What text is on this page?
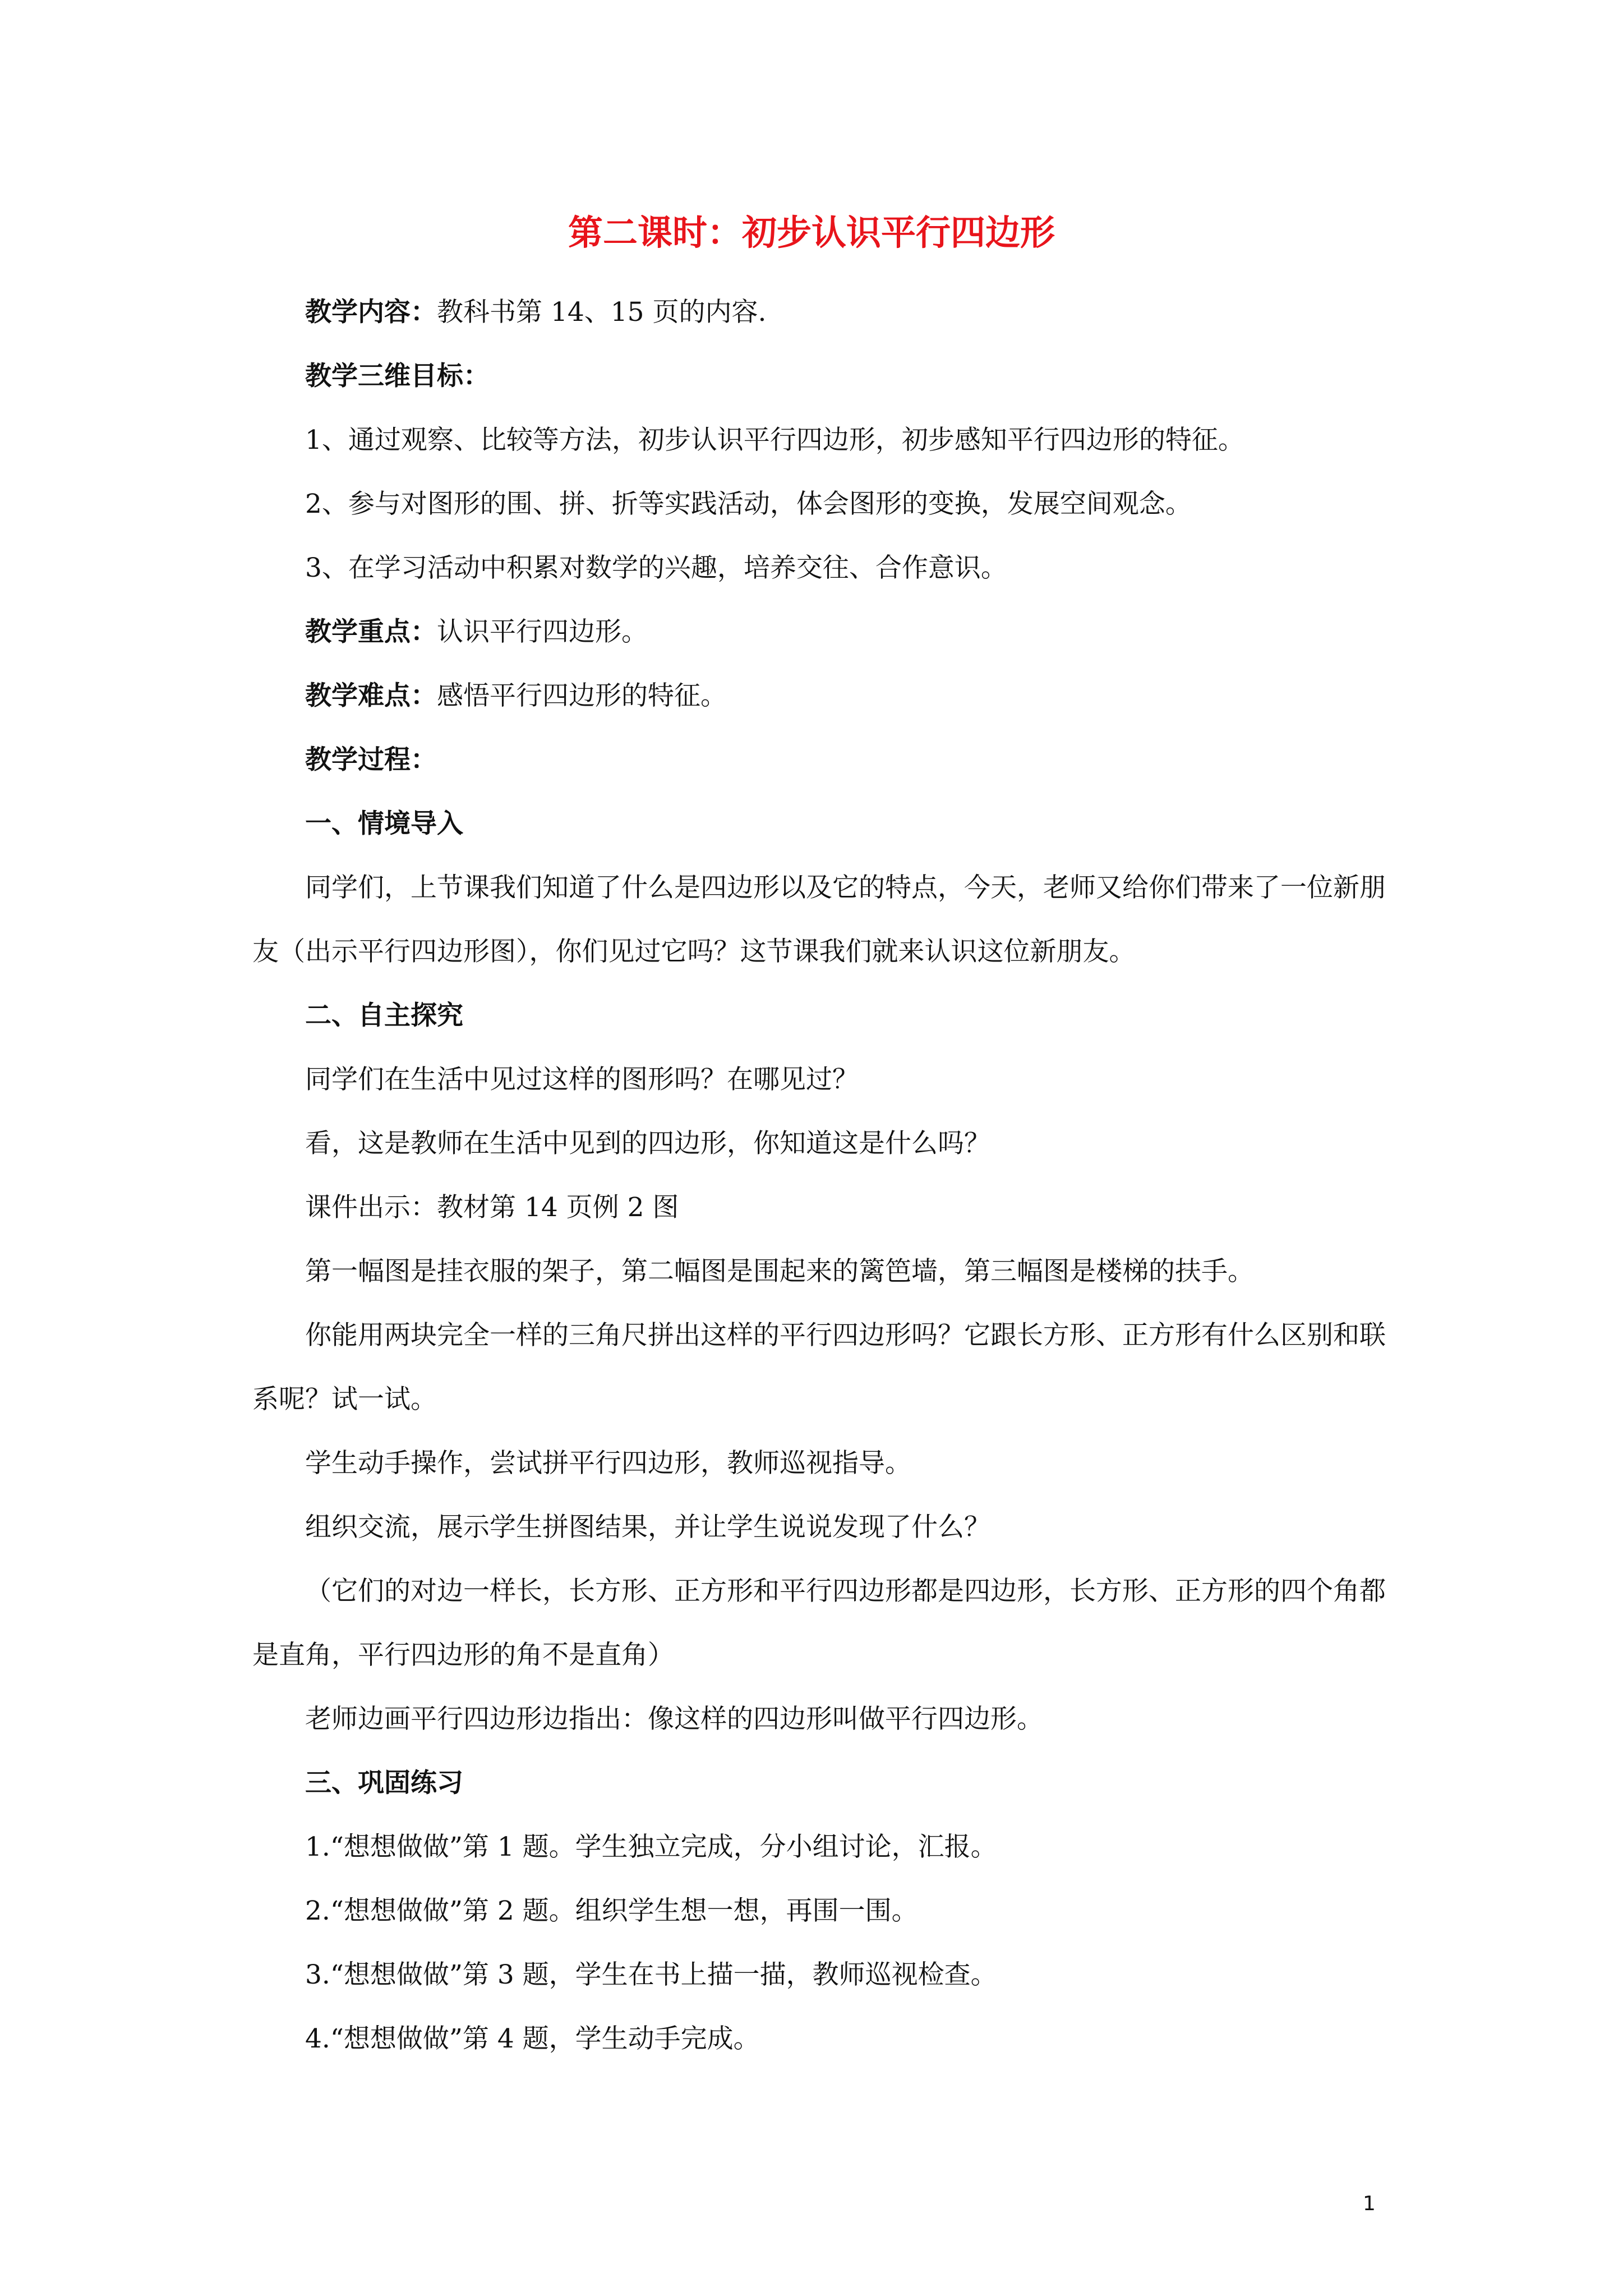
第二课时：初步认识平行四边形

教学内容：教科书第 14、15 页的内容.

教学三维目标：

1、通过观察、比较等方法，初步认识平行四边形，初步感知平行四边形的特征。

2、参与对图形的围、拼、折等实践活动，体会图形的变换，发展空间观念。

3、在学习活动中积累对数学的兴趣，培养交往、合作意识。

教学重点：认识平行四边形。

教学难点：感悟平行四边形的特征。

教学过程：

一、情境导入

同学们，上节课我们知道了什么是四边形以及它的特点，今天，老师又给你们带来了一位新朋友（出示平行四边形图），你们见过它吗？这节课我们就来认识这位新朋友。

二、自主探究

同学们在生活中见过这样的图形吗？在哪见过？

看，这是教师在生活中见到的四边形，你知道这是什么吗？

课件出示：教材第 14 页例 2 图

第一幅图是挂衣服的架子，第二幅图是围起来的篱笆墙，第三幅图是楼梯的扶手。

你能用两块完全一样的三角尺拼出这样的平行四边形吗？它跟长方形、正方形有什么区别和联系呢？试一试。

学生动手操作，尝试拼平行四边形，教师巡视指导。

组织交流，展示学生拼图结果，并让学生说说发现了什么？

（它们的对边一样长，长方形、正方形和平行四边形都是四边形，长方形、正方形的四个角都是直角，平行四边形的角不是直角）

老师边画平行四边形边指出：像这样的四边形叫做平行四边形。

三、巩固练习

1.“想想做做”第 1 题。学生独立完成，分小组讨论，汇报。

2.“想想做做”第 2 题。组织学生想一想，再围一围。

3.“想想做做”第 3 题，学生在书上描一描，教师巡视检查。

4.“想想做做”第 4 题，学生动手完成。

1
